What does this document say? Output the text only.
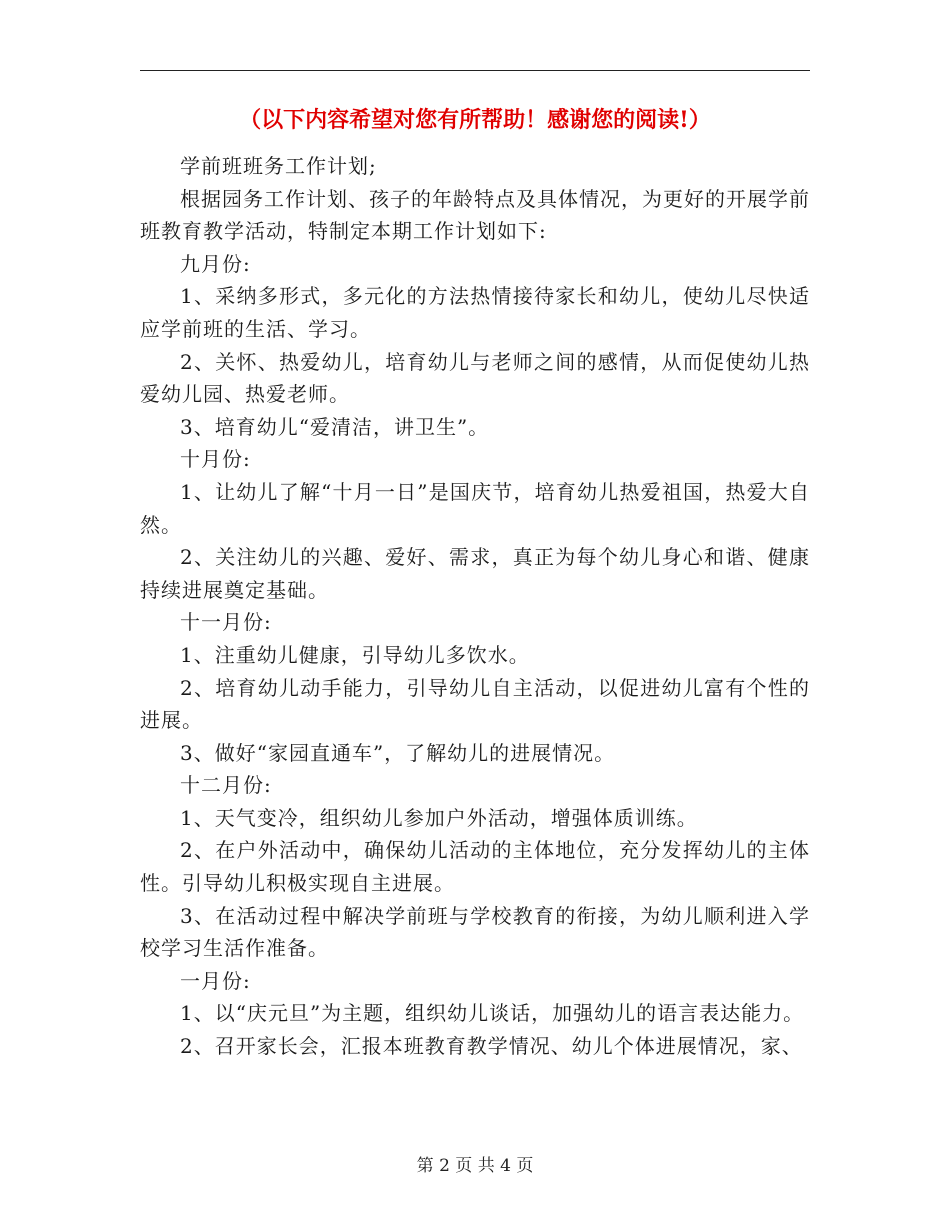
（以下内容希望对您有所帮助！感谢您的阅读!）

学前班班务工作计划;

根据园务工作计划、孩子的年龄特点及具体情况，为更好的开展学前班教育教学活动，特制定本期工作计划如下:

九月份:

1、采纳多形式，多元化的方法热情接待家长和幼儿，使幼儿尽快适应学前班的生活、学习。

2、关怀、热爱幼儿，培育幼儿与老师之间的感情，从而促使幼儿热爱幼儿园、热爱老师。

3、培育幼儿“爱清洁，讲卫生”。

十月份:

1、让幼儿了解“十月一日”是国庆节，培育幼儿热爱祖国，热爱大自然。

2、关注幼儿的兴趣、爱好、需求，真正为每个幼儿身心和谐、健康持续进展奠定基础。

十一月份:

1、注重幼儿健康，引导幼儿多饮水。

2、培育幼儿动手能力，引导幼儿自主活动，以促进幼儿富有个性的进展。

3、做好“家园直通车”，了解幼儿的进展情况。

十二月份:

1、天气变冷，组织幼儿参加户外活动，增强体质训练。

2、在户外活动中，确保幼儿活动的主体地位，充分发挥幼儿的主体性。引导幼儿积极实现自主进展。

3、在活动过程中解决学前班与学校教育的衔接，为幼儿顺利进入学校学习生活作准备。

一月份:

1、以“庆元旦”为主题，组织幼儿谈话，加强幼儿的语言表达能力。

2、召开家长会，汇报本班教育教学情况、幼儿个体进展情况，家、

第 2 页 共 4 页
